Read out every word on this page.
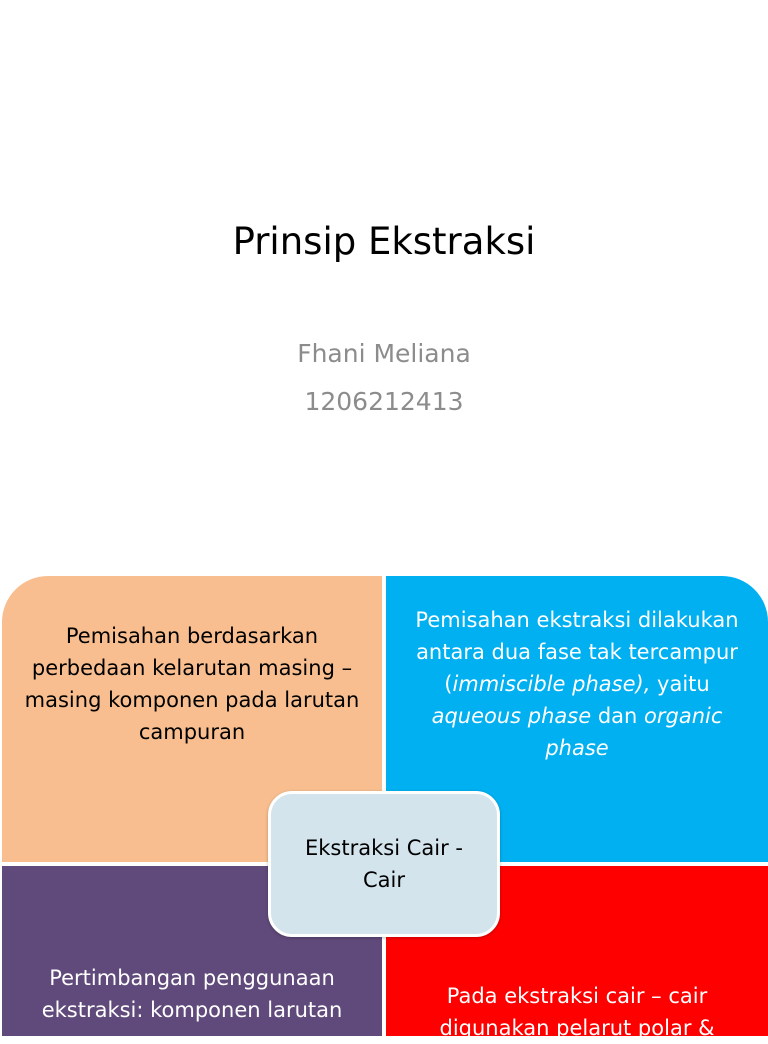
Prinsip Ekstraksi
Fhani Meliana
1206212413
Pemisahan berdasarkan perbedaan kelarutan masing – masing komponen pada larutan campuran
Pemisahan ekstraksi dilakukan antara dua fase tak tercampur (immiscible phase), yaitu aqueous phase dan organic phase
Pertimbangan penggunaan ekstraksi: komponen larutan
Pada ekstraksi cair – cair digunakan pelarut polar &
Ekstraksi Cair - Cair
